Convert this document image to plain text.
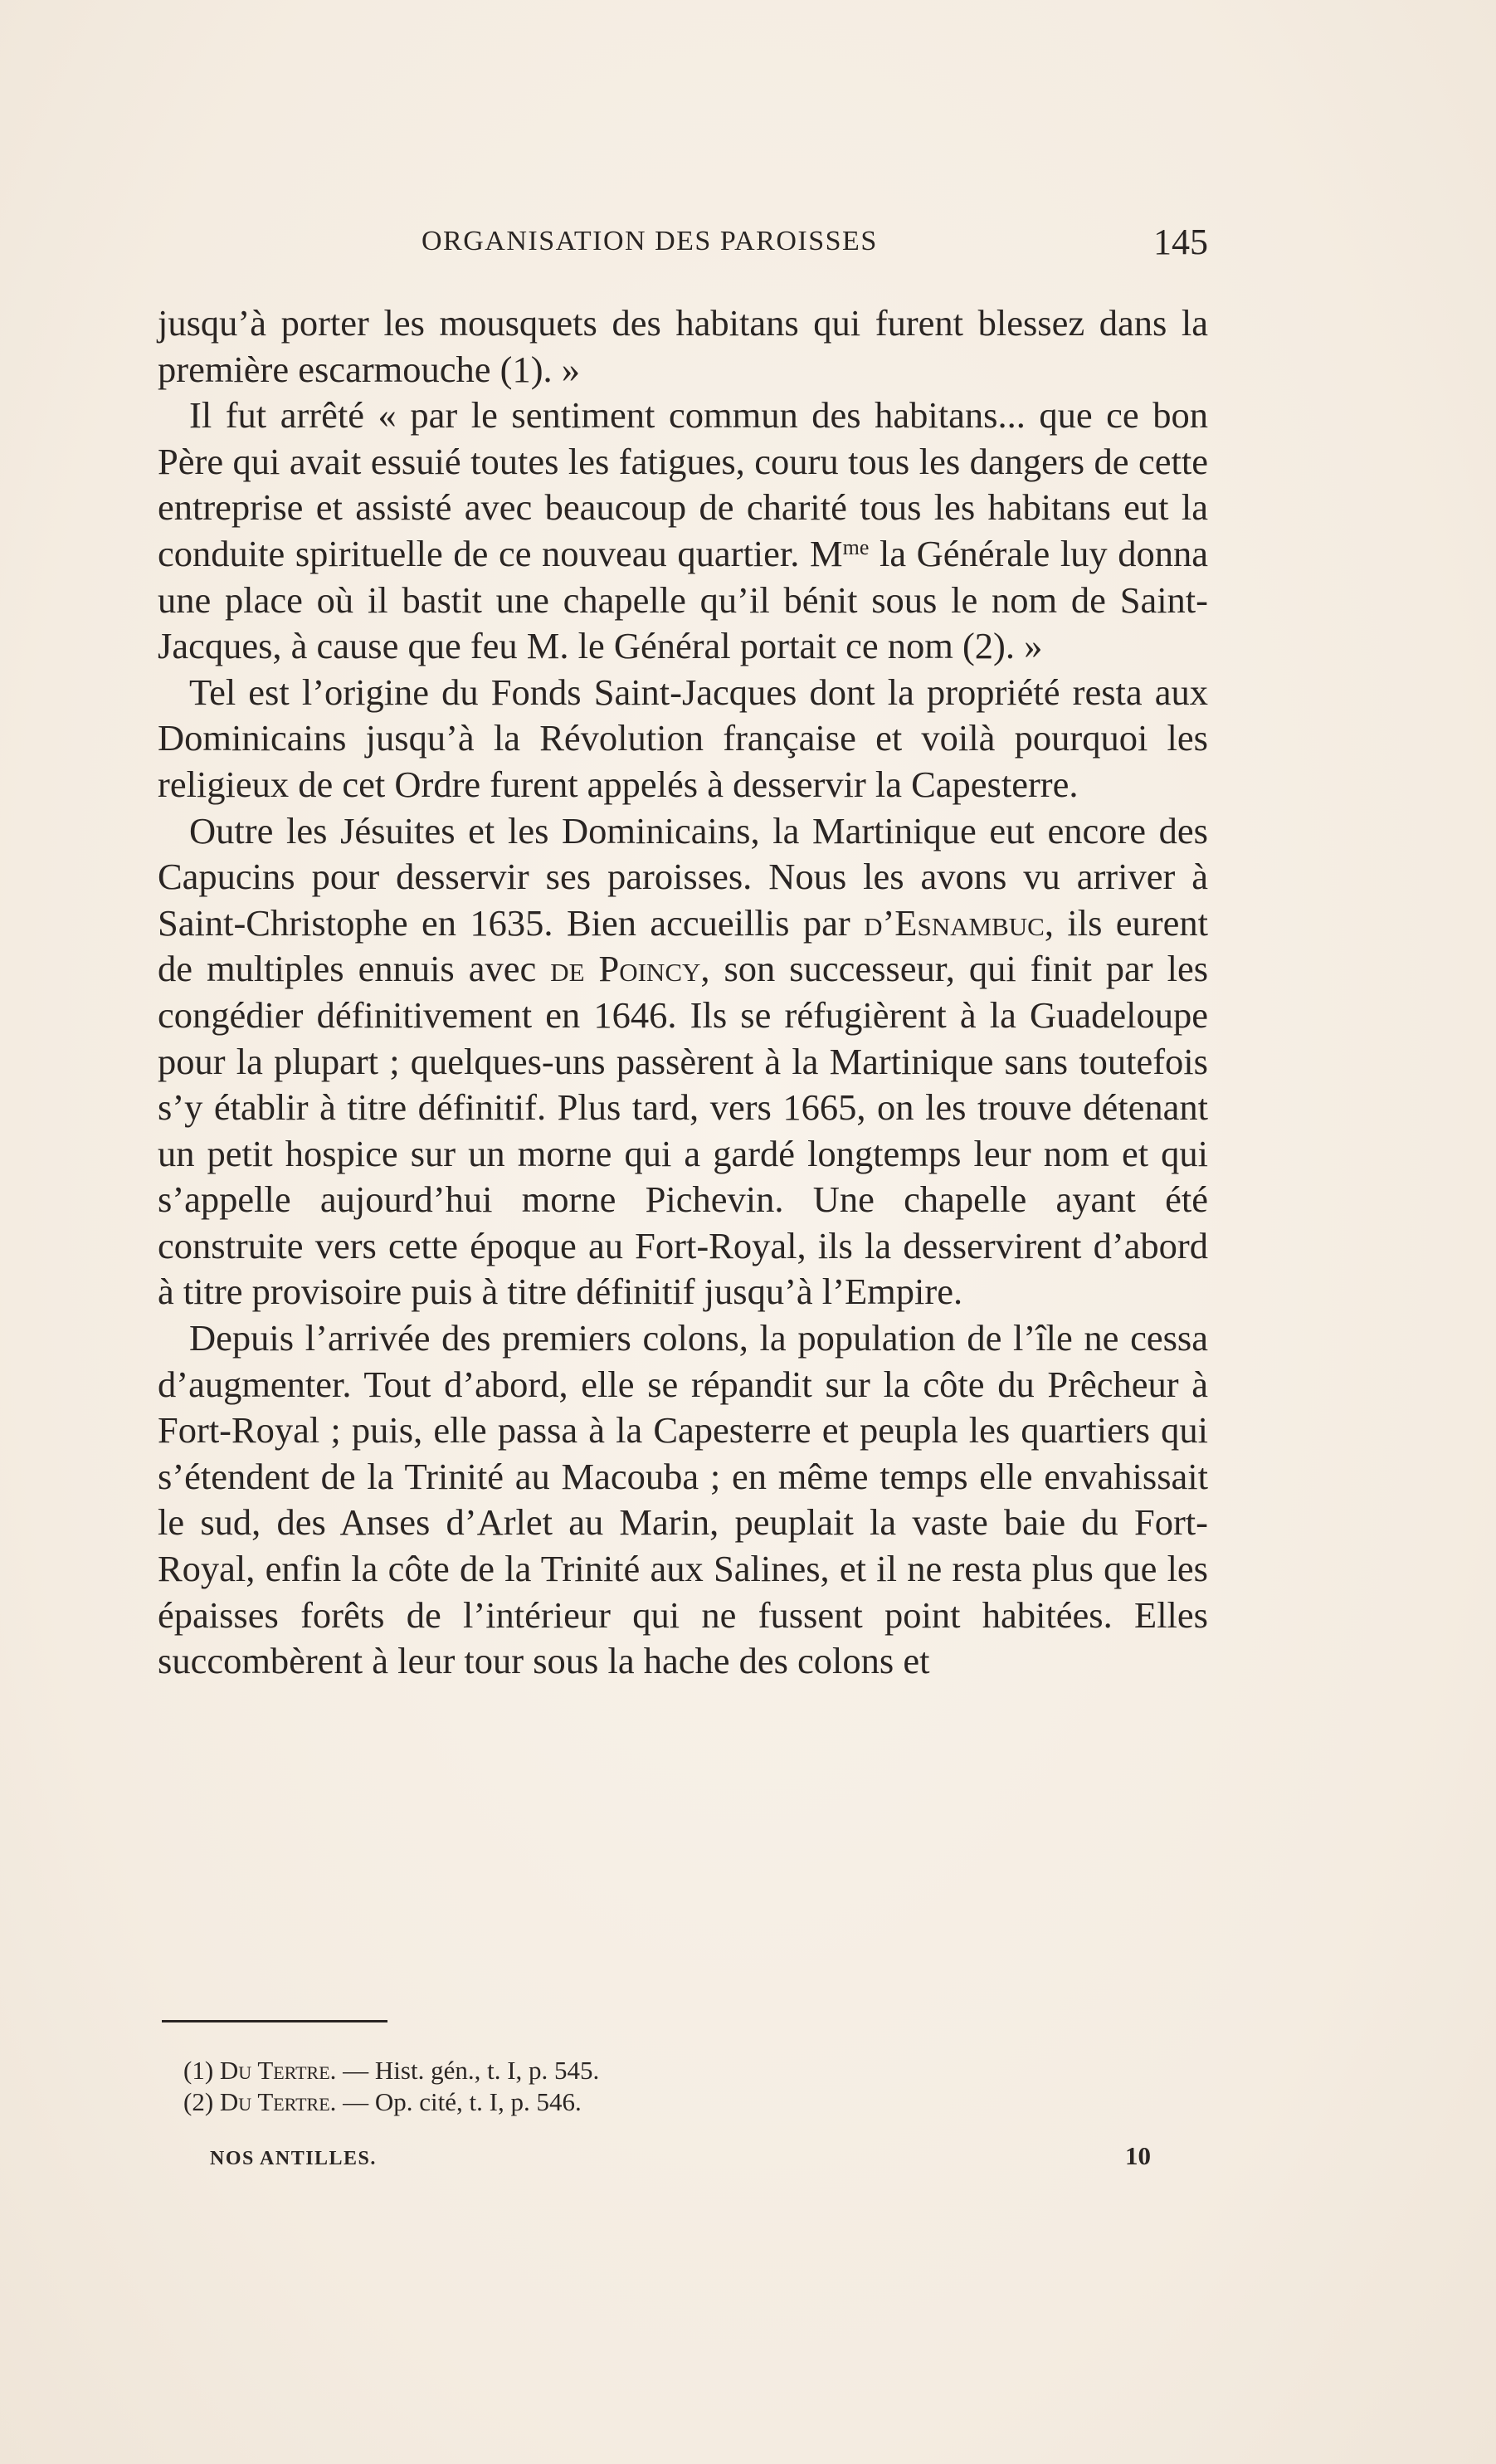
ORGANISATION DES PAROISSES	145

jusqu’à porter les mousquets des habitans qui furent blessez dans la première escarmouche (1). »

Il fut arrêté « par le sentiment commun des habitans... que ce bon Père qui avait essuié toutes les fatigues, couru tous les dangers de cette entreprise et assisté avec beaucoup de charité tous les habitans eut la conduite spirituelle de ce nouveau quartier. $M^{me}$ la Générale luy donna une place où il bastit une chapelle qu’il bénit sous le nom de Saint-Jacques, à cause que feu M. le Général portait ce nom (2). »

Tel est l’origine du Fonds Saint-Jacques dont la propriété resta aux Dominicains jusqu’à la Révolution française et voilà pourquoi les religieux de cet Ordre furent appelés à desservir la Capesterre.

Outre les Jésuites et les Dominicains, la Martinique eut encore des Capucins pour desservir ses paroisses. Nous les avons vu arriver à Saint-Christophe en 1635. Bien accueillis par d’Esnambuc, ils eurent de multiples ennuis avec de Poincy, son successeur, qui finit par les congédier définitivement en 1646. Ils se réfugièrent à la Guadeloupe pour la plupart ; quelques-uns passèrent à la Martinique sans toutefois s’y établir à titre définitif. Plus tard, vers 1665, on les trouve détenant un petit hospice sur un morne qui a gardé longtemps leur nom et qui s’appelle aujourd’hui morne Pichevin. Une chapelle ayant été construite vers cette époque au Fort-Royal, ils la desservirent d’abord à titre provisoire puis à titre définitif jusqu’à l’Empire.

Depuis l’arrivée des premiers colons, la population de l’île ne cessa d’augmenter. Tout d’abord, elle se répandit sur la côte du Prêcheur à Fort-Royal ; puis, elle passa à la Capesterre et peupla les quartiers qui s’étendent de la Trinité au Macouba ; en même temps elle envahissait le sud, des Anses d’Arlet au Marin, peuplait la vaste baie du Fort-Royal, enfin la côte de la Trinité aux Salines, et il ne resta plus que les épaisses forêts de l’intérieur qui ne fussent point habitées. Elles succombèrent à leur tour sous la hache des colons et

(1) Du Tertre. — Hist. gén., t. I, p. 545.

(2) Du Tertre. — Op. cité, t. I, p. 546.

NOS ANTILLES.	10
